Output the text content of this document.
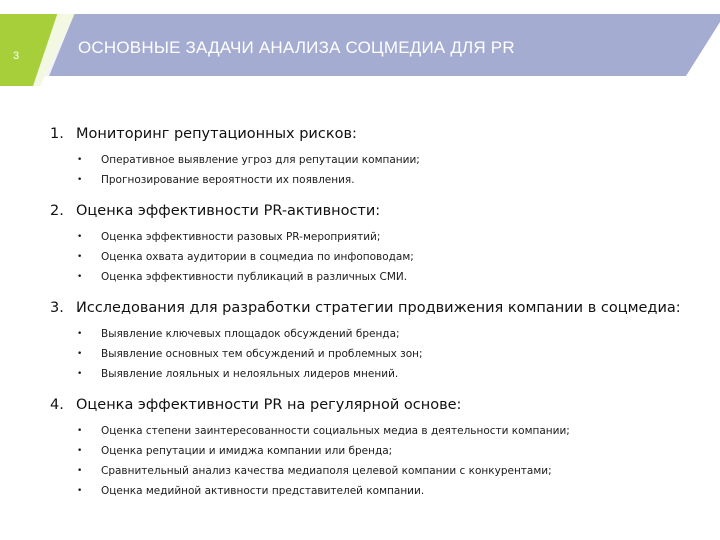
3	ОСНОВНЫЕ ЗАДАЧИ АНАЛИЗА СОЦМЕДИА ДЛЯ PR
1. Мониторинг репутационных рисков:
•	Оперативное выявление угроз для репутации компании;
•	Прогнозирование вероятности их появления.
2. Оценка эффективности PR-активности:
•	Оценка эффективности разовых PR-мероприятий;
•	Оценка охвата аудитории в соцмедиа по инфоповодам;
•	Оценка эффективности публикаций в различных СМИ.
3. Исследования для разработки стратегии продвижения компании в соцмедиа:
•	Выявление ключевых площадок обсуждений бренда;
•	Выявление основных тем обсуждений и проблемных зон;
•	Выявление лояльных и нелояльных лидеров мнений.
4. Оценка эффективности PR на регулярной основе:
•	Оценка степени заинтересованности социальных медиа в деятельности компании;
•	Оценка репутации и имиджа компании или бренда;
•	Сравнительный анализ качества медиаполя целевой компании с конкурентами;
•	Оценка медийной активности представителей компании.
